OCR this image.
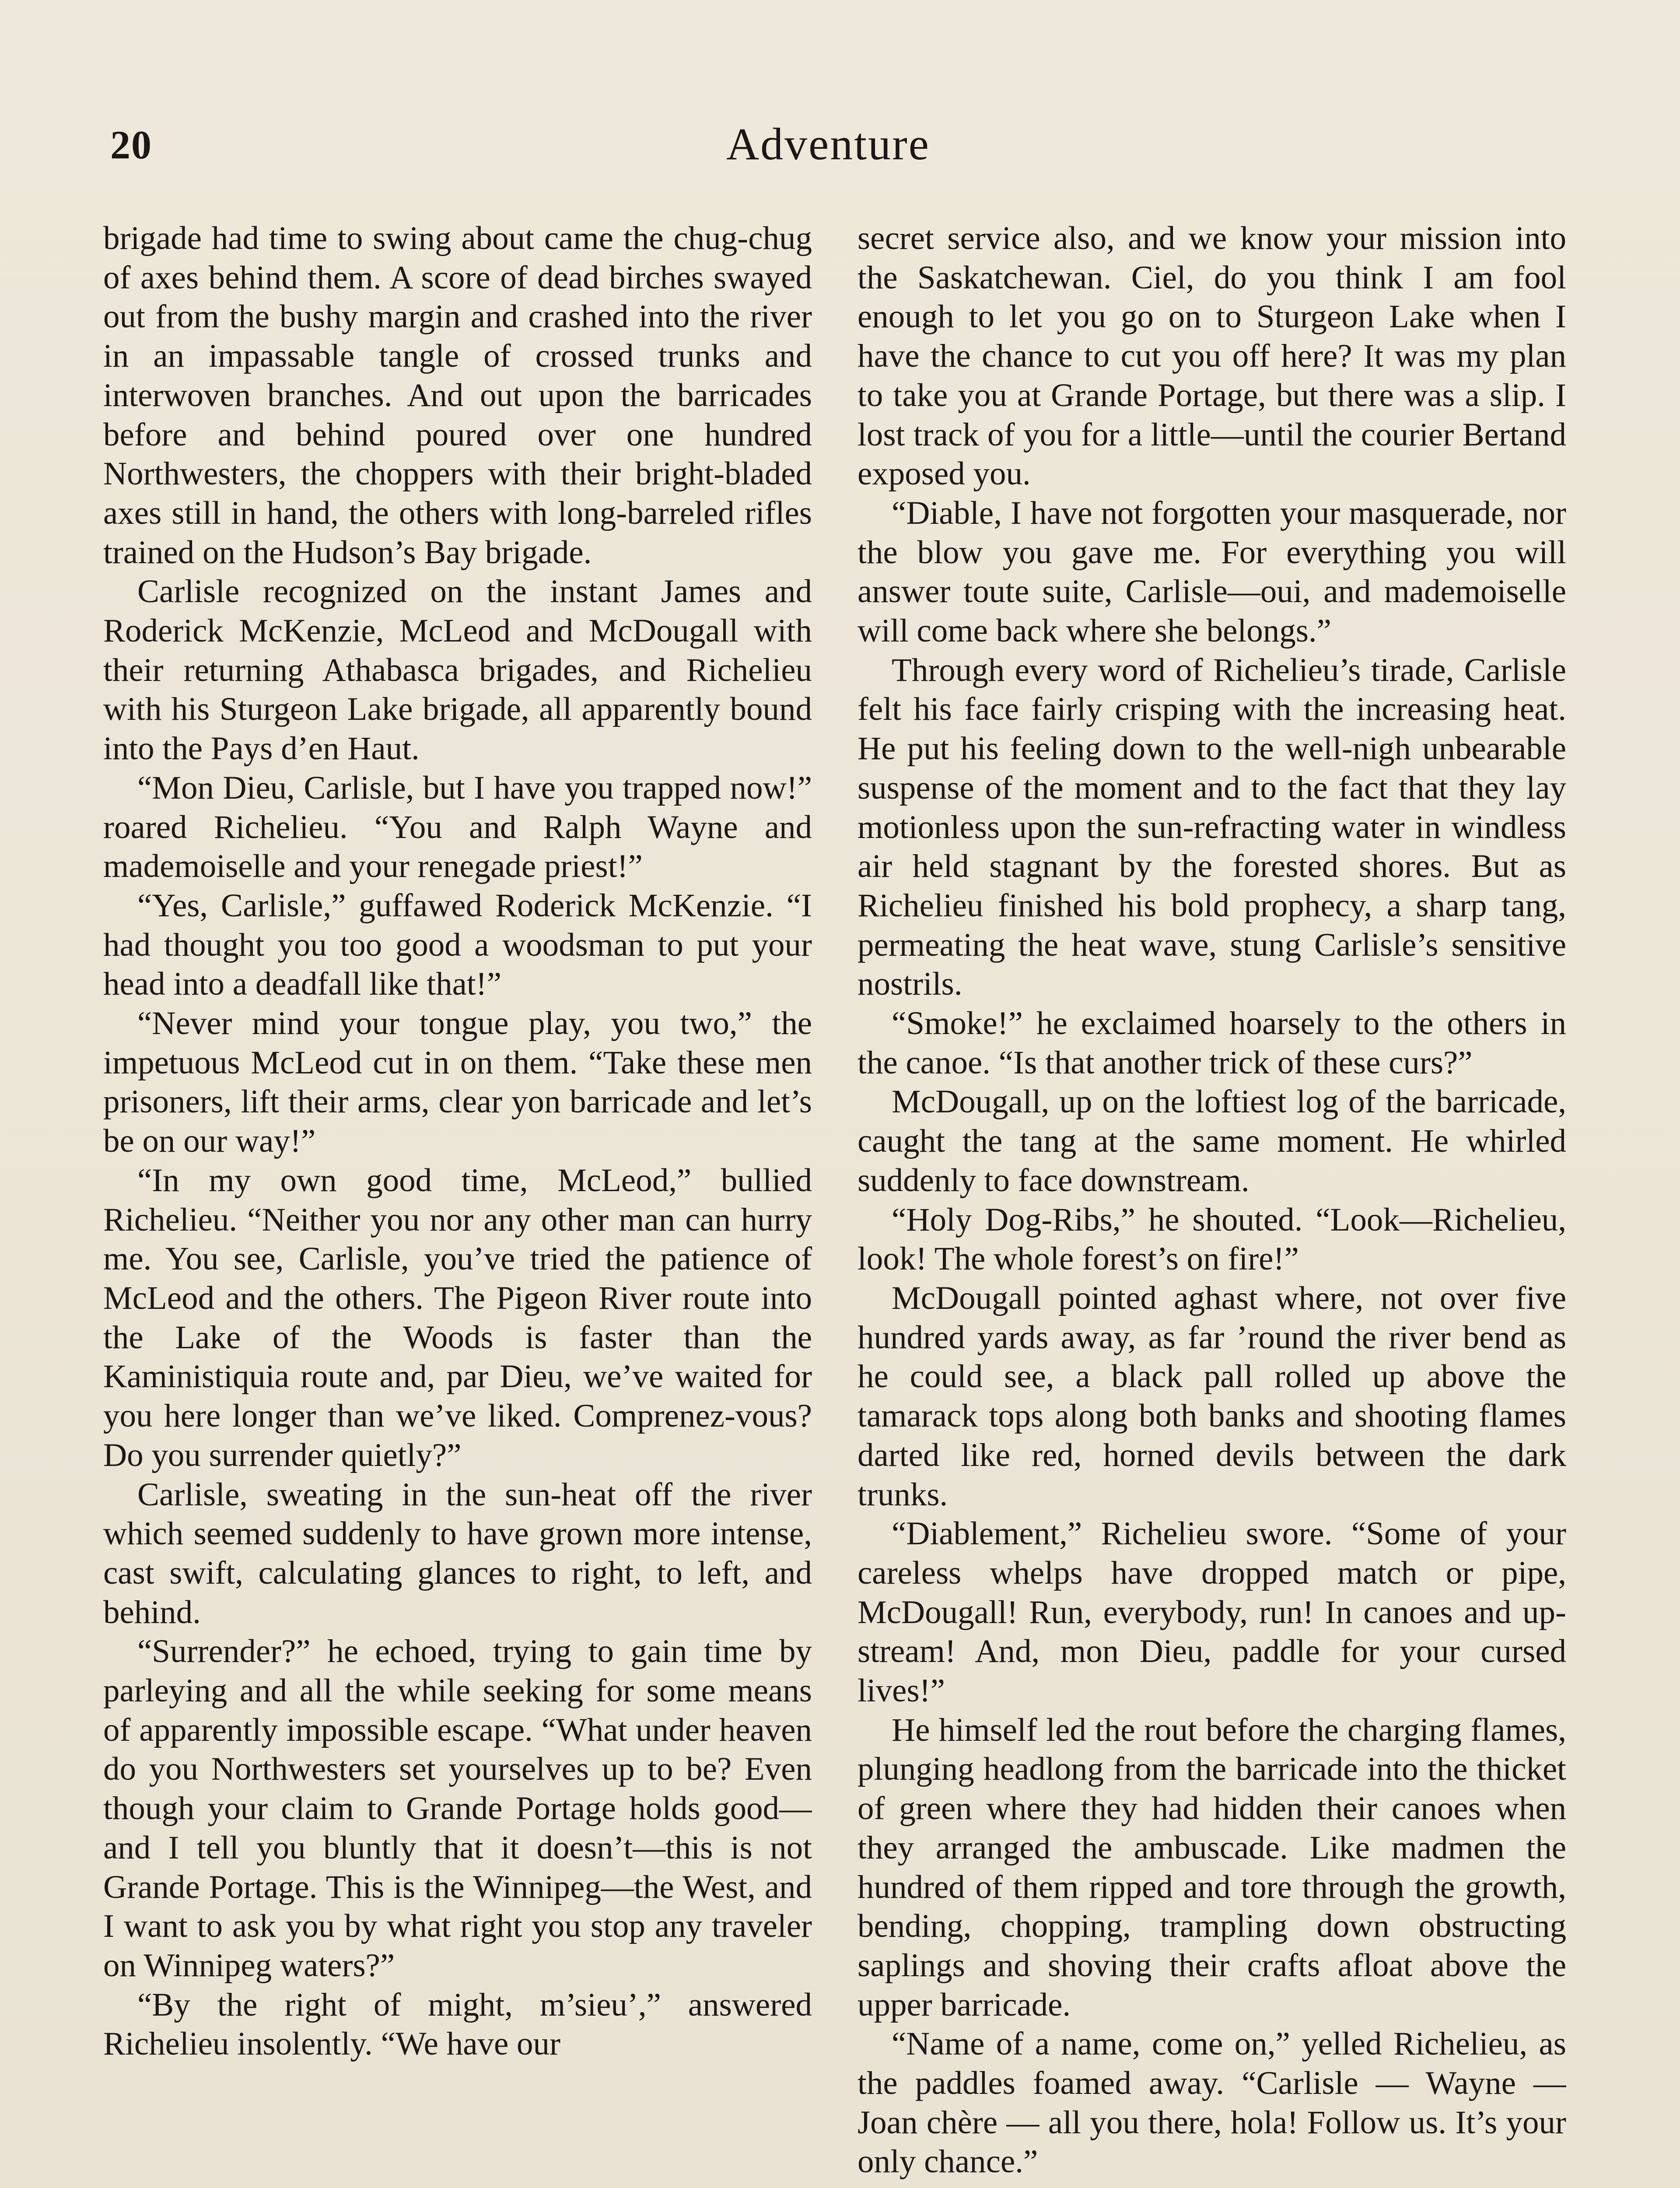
20	Adventure

brigade had time to swing about came the chug-chug of axes behind them. A score of dead birches swayed out from the bushy margin and crashed into the river in an impassable tangle of crossed trunks and interwoven branches. And out upon the barricades before and behind poured over one hundred Northwesters, the choppers with their bright-bladed axes still in hand, the others with long-barreled rifles trained on the Hudson’s Bay brigade.

Carlisle recognized on the instant James and Roderick McKenzie, McLeod and McDougall with their returning Athabasca brigades, and Richelieu with his Sturgeon Lake brigade, all apparently bound into the Pays d’en Haut.

“Mon Dieu, Carlisle, but I have you trapped now!” roared Richelieu. “You and Ralph Wayne and mademoiselle and your renegade priest!”

“Yes, Carlisle,” guffawed Roderick McKenzie. “I had thought you too good a woodsman to put your head into a deadfall like that!”

“Never mind your tongue play, you two,” the impetuous McLeod cut in on them. “Take these men prisoners, lift their arms, clear yon barricade and let’s be on our way!”

“In my own good time, McLeod,” bullied Richelieu. “Neither you nor any other man can hurry me. You see, Carlisle, you’ve tried the patience of McLeod and the others. The Pigeon River route into the Lake of the Woods is faster than the Kaministiquia route and, par Dieu, we’ve waited for you here longer than we’ve liked. Comprenez-vous? Do you surrender quietly?”

Carlisle, sweating in the sun-heat off the river which seemed suddenly to have grown more intense, cast swift, calculating glances to right, to left, and behind.

“Surrender?” he echoed, trying to gain time by parleying and all the while seeking for some means of apparently impossible escape. “What under heaven do you Northwesters set yourselves up to be? Even though your claim to Grande Portage holds good—and I tell you bluntly that it doesn’t—this is not Grande Portage. This is the Winnipeg—the West, and I want to ask you by what right you stop any traveler on Winnipeg waters?”

“By the right of might, m’sieu’,” answered Richelieu insolently. “We have our

secret service also, and we know your mission into the Saskatchewan. Ciel, do you think I am fool enough to let you go on to Sturgeon Lake when I have the chance to cut you off here? It was my plan to take you at Grande Portage, but there was a slip. I lost track of you for a little—until the courier Bertand exposed you.

“Diable, I have not forgotten your masquerade, nor the blow you gave me. For everything you will answer toute suite, Carlisle—oui, and mademoiselle will come back where she belongs.”

Through every word of Richelieu’s tirade, Carlisle felt his face fairly crisping with the increasing heat. He put his feeling down to the well-nigh unbearable suspense of the moment and to the fact that they lay motionless upon the sun-refracting water in windless air held stagnant by the forested shores. But as Richelieu finished his bold prophecy, a sharp tang, permeating the heat wave, stung Carlisle’s sensitive nostrils.

“Smoke!” he exclaimed hoarsely to the others in the canoe. “Is that another trick of these curs?”

McDougall, up on the loftiest log of the barricade, caught the tang at the same moment. He whirled suddenly to face downstream.

“Holy Dog-Ribs,” he shouted. “Look—Richelieu, look! The whole forest’s on fire!”

McDougall pointed aghast where, not over five hundred yards away, as far ’round the river bend as he could see, a black pall rolled up above the tamarack tops along both banks and shooting flames darted like red, horned devils between the dark trunks.

“Diablement,” Richelieu swore. “Some of your careless whelps have dropped match or pipe, McDougall! Run, everybody, run! In canoes and up-stream! And, mon Dieu, paddle for your cursed lives!”

He himself led the rout before the charging flames, plunging headlong from the barricade into the thicket of green where they had hidden their canoes when they arranged the ambuscade. Like madmen the hundred of them ripped and tore through the growth, bending, chopping, trampling down obstructing saplings and shoving their crafts afloat above the upper barricade.

“Name of a name, come on,” yelled Richelieu, as the paddles foamed away. “Carlisle — Wayne — Joan chère — all you there, hola! Follow us. It’s your only chance.”
